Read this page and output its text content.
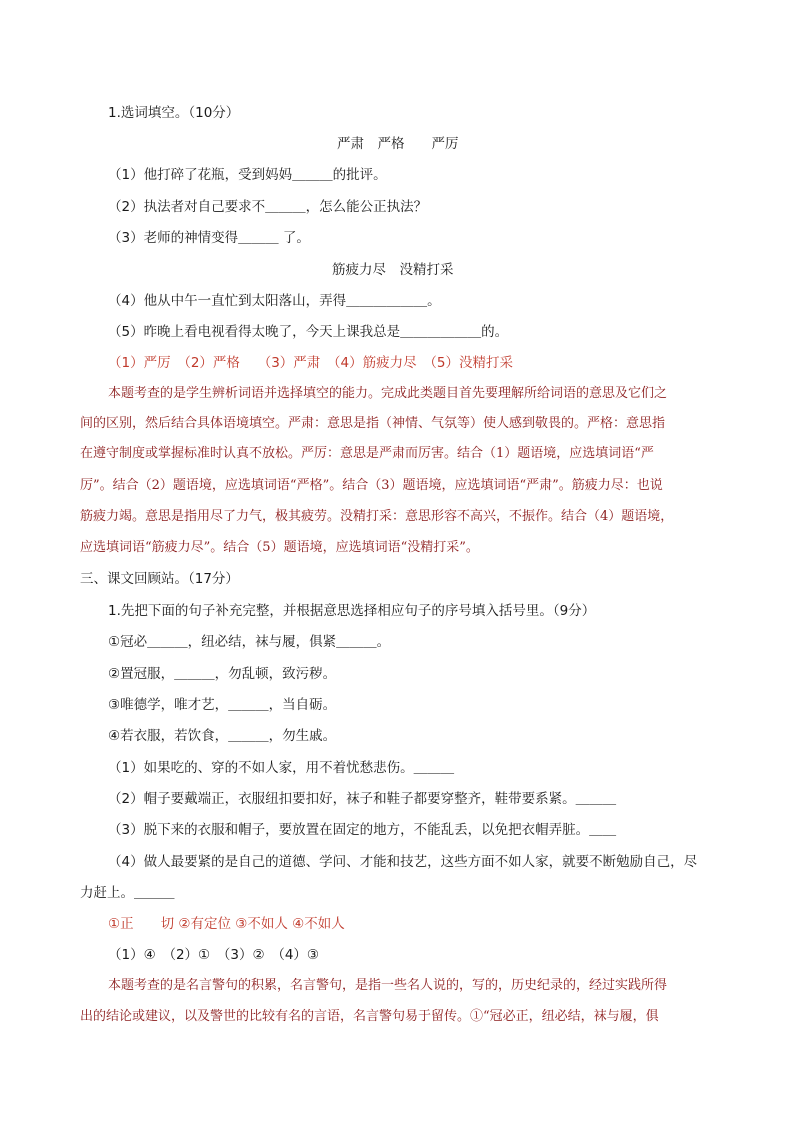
1.选词填空。（10分）
严肃　严格　　严厉
（1）他打碎了花瓶，受到妈妈＿＿＿的批评。
（2）执法者对自己要求不＿＿＿，怎么能公正执法？
（3）老师的神情变得＿＿＿ 了。
筋疲力尽　没精打采
（4）他从中午一直忙到太阳落山，弄得＿＿＿＿＿＿。
（5）昨晚上看电视看得太晚了，今天上课我总是＿＿＿＿＿＿的。
（1）严厉　（2）严格　 （3）严肃　（4）筋疲力尽　（5）没精打采
本题考查的是学生辨析词语并选择填空的能力。完成此类题目首先要理解所给词语的意思及它们之
间的区别，然后结合具体语境填空。严肃：意思是指（神情、气氛等）使人感到敬畏的。严格：意思指
在遵守制度或掌握标准时认真不放松。严厉：意思是严肃而厉害。结合（1）题语境，应选填词语“严
厉”。结合（2）题语境，应选填词语“严格”。结合（3）题语境，应选填词语“严肃”。筋疲力尽：也说
筋疲力竭。意思是指用尽了力气，极其疲劳。没精打采：意思形容不高兴，不振作。结合（4）题语境，
应选填词语“筋疲力尽”。结合（5）题语境，应选填词语“没精打采”。
三、课文回顾站。（17分）
1.先把下面的句子补充完整，并根据意思选择相应句子的序号填入括号里。（9分）
①冠必＿＿＿，纽必结，袜与履，俱紧＿＿＿。
②置冠服，＿＿＿，勿乱顿，致污秽。
③唯德学，唯才艺，＿＿＿，当自砺。
④若衣服，若饮食，＿＿＿，勿生戚。
（1）如果吃的、穿的不如人家，用不着忧愁悲伤。＿＿＿
（2）帽子要戴端正，衣服纽扣要扣好，袜子和鞋子都要穿整齐，鞋带要系紧。＿＿＿
（3）脱下来的衣服和帽子，要放置在固定的地方，不能乱丢，以免把衣帽弄脏。＿＿
（4）做人最要紧的是自己的道德、学问、才能和技艺，这些方面不如人家，就要不断勉励自己，尽
力赶上。＿＿＿
①正　　切 ②有定位 ③不如人 ④不如人
（1）④　（2）①　（3）②　（4）③
本题考查的是名言警句的积累，名言警句，是指一些名人说的，写的，历史纪录的，经过实践所得
出的结论或建议，以及警世的比较有名的言语，名言警句易于留传。①“冠必正，纽必结，袜与履，俱
